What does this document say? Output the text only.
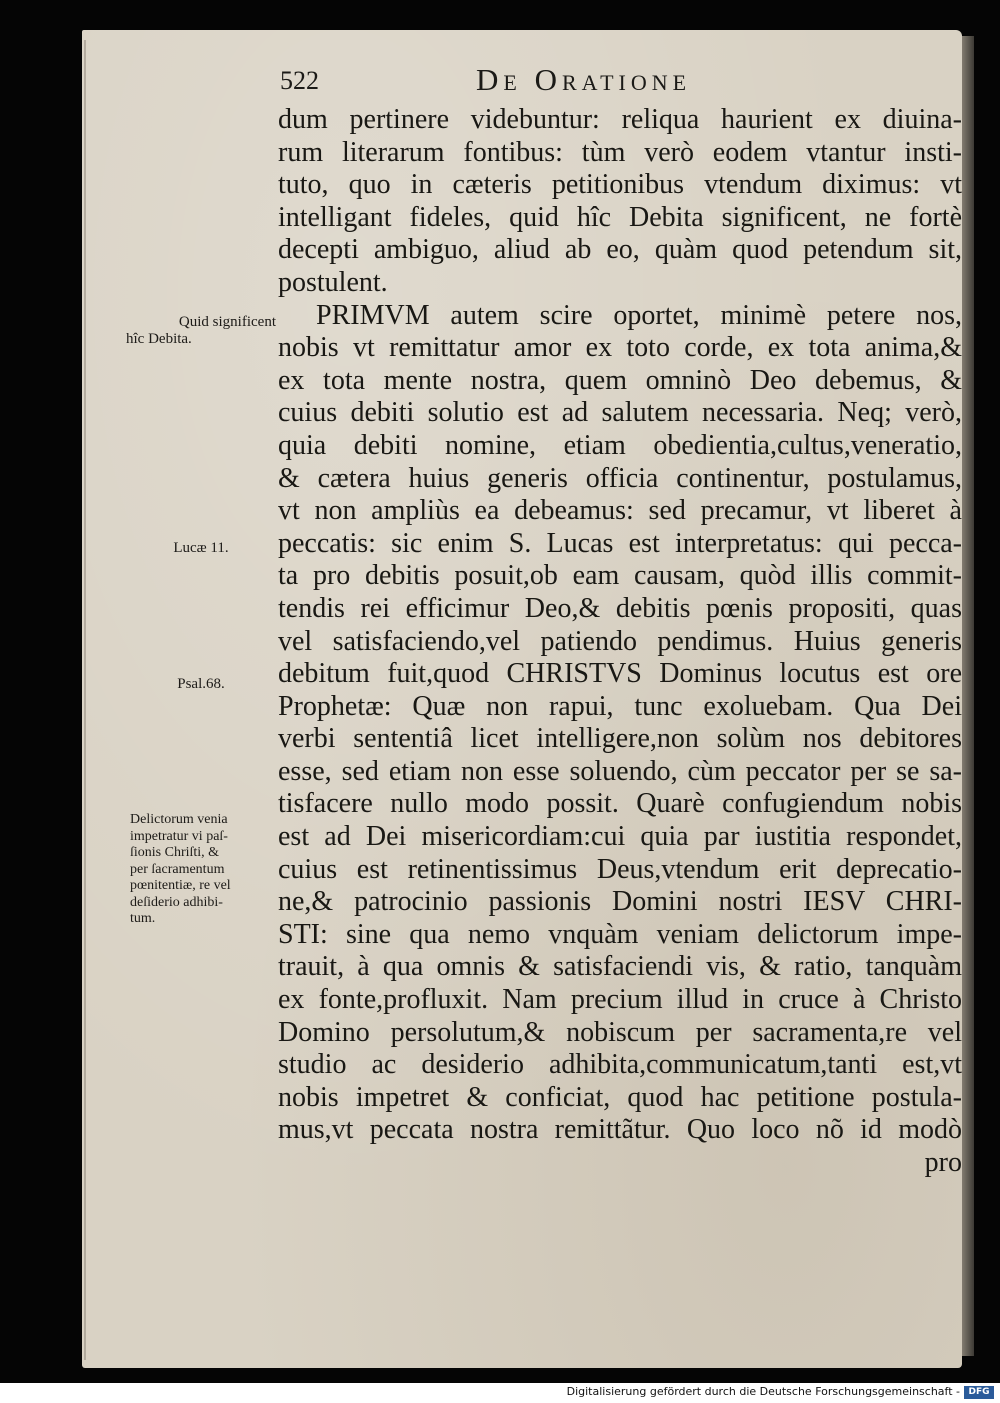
522	De Oratione
Quid significent
hîc Debita.
Lucæ 11.
Psal.68.
Delictorum venia
impetratur vi paſ-
ſionis Chriſti, &
per ſacramentum
pœnitentiæ, re vel
deſiderio adhibi-
tum.
dum pertinere videbuntur: reliqua haurient ex diuina-
rum literarum fontibus: tùm verò eodem vtantur insti-
tuto, quo in cæteris petitionibus vtendum diximus: vt
intelligant fideles, quid hîc Debita significent, ne fortè
decepti ambiguo, aliud ab eo, quàm quod petendum sit,
postulent.
PRIMVM autem scire oportet, minimè petere nos,
nobis vt remittatur amor ex toto corde, ex tota anima,&
ex tota mente nostra, quem omninò Deo debemus, &
cuius debiti solutio est ad salutem necessaria. Neq; verò,
quia debiti nomine, etiam obedientia,cultus,veneratio,
& cætera huius generis officia continentur, postulamus,
vt non ampliùs ea debeamus: sed precamur, vt liberet à
peccatis: sic enim S. Lucas est interpretatus: qui pecca-
ta pro debitis posuit,ob eam causam, quòd illis commit-
tendis rei efficimur Deo,& debitis pœnis propositi, quas
vel satisfaciendo,vel patiendo pendimus. Huius generis
debitum fuit,quod CHRISTVS Dominus locutus est ore
Prophetæ: Quæ non rapui, tunc exoluebam. Qua Dei
verbi sententiâ licet intelligere,non solùm nos debitores
esse, sed etiam non esse soluendo, cùm peccator per se sa-
tisfacere nullo modo possit. Quarè confugiendum nobis
est ad Dei misericordiam:cui quia par iustitia respondet,
cuius est retinentissimus Deus,vtendum erit deprecatio-
ne,& patrocinio passionis Domini nostri IESV CHRI-
STI: sine qua nemo vnquàm veniam delictorum impe-
trauit, à qua omnis & satisfaciendi vis, & ratio, tanquàm
ex fonte,profluxit. Nam precium illud in cruce à Christo
Domino persolutum,& nobiscum per sacramenta,re vel
studio ac desiderio adhibita,communicatum,tanti est,vt
nobis impetret & conficiat, quod hac petitione postula-
mus,vt peccata nostra remittãtur. Quo loco nõ id modò
pro
Digitalisierung gefördert durch die Deutsche Forschungsgemeinschaft - DFG
